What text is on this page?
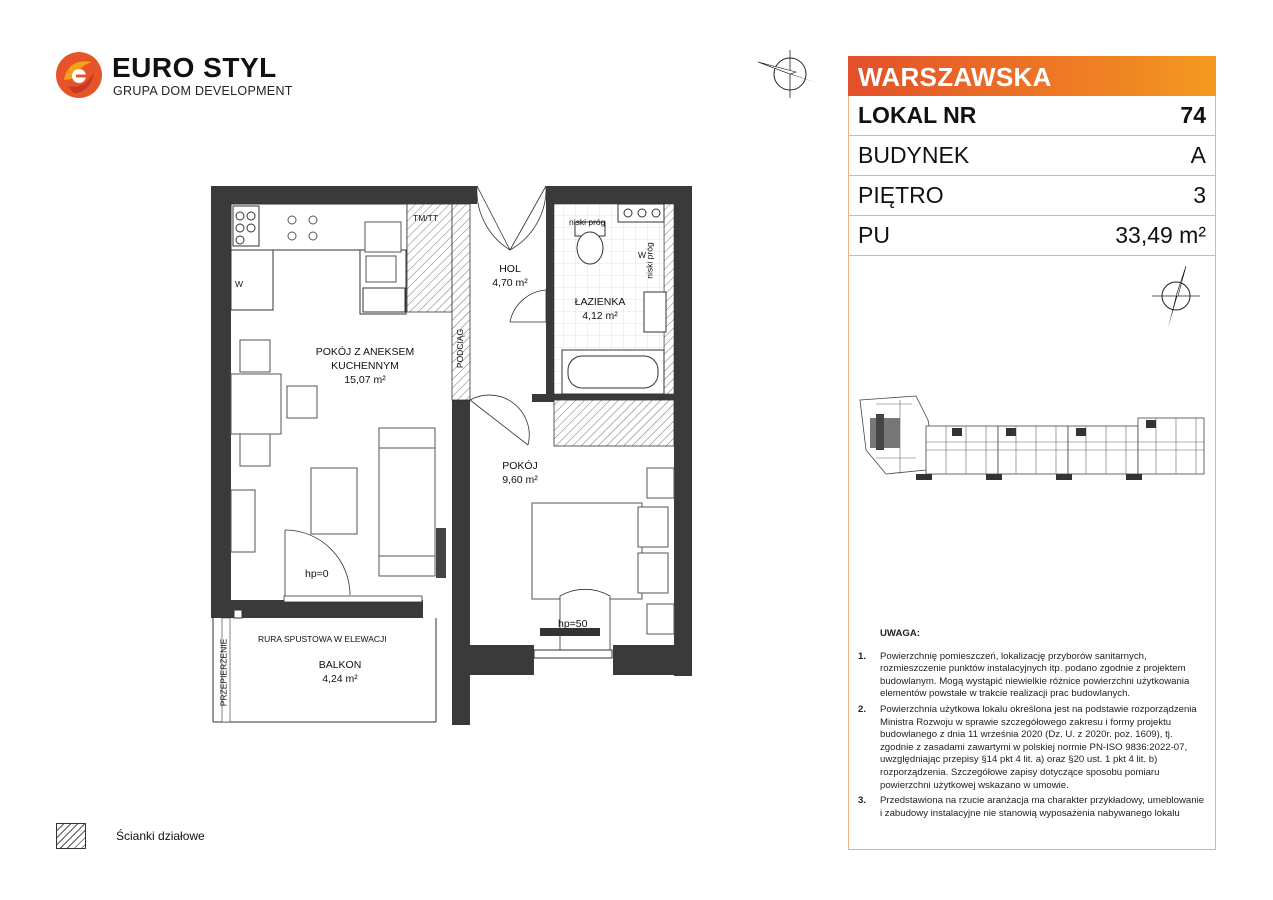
EURO STYL
GRUPA DOM DEVELOPMENT
POKÓJ Z ANEKSEM
KUCHENNYM
15,07 m²
HOL
4,70 m²
ŁAZIENKA
4,12 m²
POKÓJ
9,60 m²
BALKON
4,24 m²
TM/TT	niski próg
niski próg
PODCIĄG
hp=0
hp=50
RURA SPUSTOWA W ELEWACJI
PRZEPIERZENIE
W
W
WARSZAWSKA
LOKAL NR	74
BUDYNEK	A
PIĘTRO	3
PU	33,49 m²
UWAGA:
1.	Powierzchnię pomieszczeń, lokalizację przyborów sanitarnych, rozmieszczenie punktów instalacyjnych itp. podano zgodnie z projektem budowlanym. Mogą wystąpić niewielkie różnice powierzchni użytkowania elementów powstałe w trakcie realizacji prac budowlanych.
2.	Powierzchnia użytkowa lokalu określona jest na podstawie rozporządzenia Ministra Rozwoju w sprawie szczegółowego zakresu i formy projektu budowlanego z dnia 11 września 2020 (Dz. U. z 2020r. poz. 1609), tj. zgodnie z zasadami zawartymi w polskiej normie PN-ISO 9836:2022-07, uwzględniając przepisy §14 pkt 4 lit. a) oraz §20 ust. 1 pkt 4 lit. b) rozporządzenia. Szczegółowe zapisy dotyczące sposobu pomiaru powierzchni użytkowej wskazano w umowie.
3.	Przedstawiona na rzucie aranżacja ma charakter przykładowy, umeblowanie i zabudowy instalacyjne nie stanowią wyposażenia nabywanego lokalu
Ścianki działowe
